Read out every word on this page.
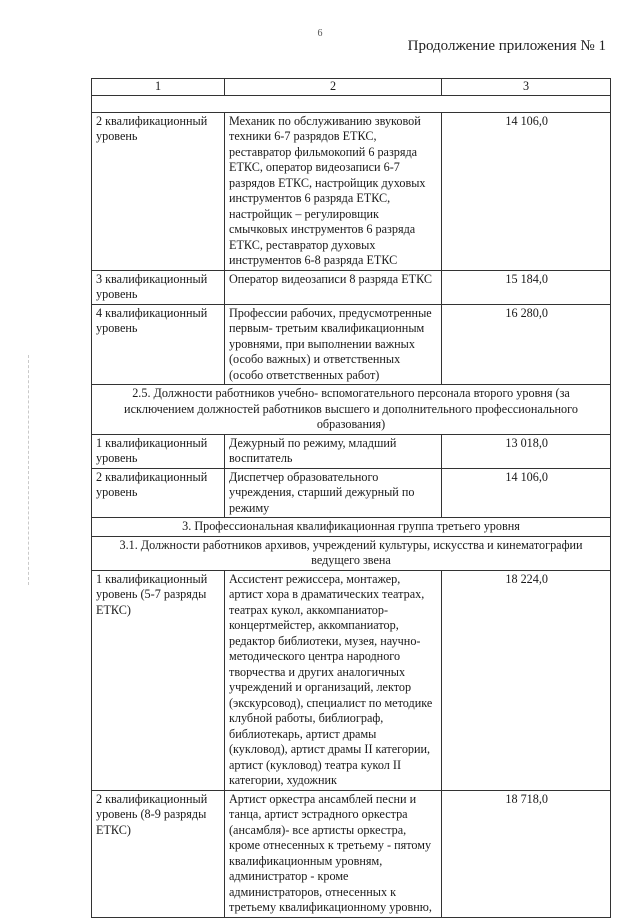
6
Продолжение приложения № 1
1	2	3

2 квалификационный уровень	Механик по обслуживанию звуковой техники 6-7 разрядов ЕТКС, реставратор фильмокопий 6 разряда ЕТКС, оператор видеозаписи 6-7 разрядов ЕТКС, настройщик духовых инструментов 6 разряда ЕТКС, настройщик – регулировщик смычковых инструментов 6 разряда ЕТКС, реставратор духовых инструментов 6-8 разряда ЕТКС	14 106,0
3 квалификационный уровень	Оператор видеозаписи 8 разряда ЕТКС	15 184,0
4 квалификационный уровень	Профессии рабочих, предусмотренные первым- третьим квалификационным уровнями, при выполнении важных (особо важных) и ответственных (особо ответственных работ)	16 280,0
2.5. Должности работников учебно- вспомогательного персонала второго уровня (за исключением должностей работников высшего и дополнительного профессионального образования)		
1 квалификационный уровень	Дежурный по режиму, младший воспитатель	13 018,0
2 квалификационный уровень	Диспетчер образовательного учреждения, старший дежурный по режиму	14 106,0
3. Профессиональная квалификационная группа третьего уровня		
3.1. Должности работников архивов, учреждений культуры, искусства и кинематографии ведущего звена		
1 квалификационный уровень (5-7 разряды ЕТКС)	Ассистент режиссера, монтажер, артист хора в драматических театрах, театрах кукол, аккомпаниатор-концертмейстер, аккомпаниатор, редактор библиотеки, музея, научно- методического центра народного творчества и других аналогичных учреждений и организаций, лектор (экскурсовод), специалист по методике клубной работы, библиограф, библиотекарь, артист драмы (кукловод), артист драмы II категории, артист (кукловод) театра кукол II категории, художник	18 224,0
2 квалификационный уровень (8-9 разряды ЕТКС)	Артист оркестра ансамблей песни и танца, артист эстрадного оркестра (ансамбля)- все артисты оркестра, кроме отнесенных к третьему - пятому квалификационным уровням, администратор - кроме администраторов, отнесенных к третьему квалификационному уровню,	18 718,0
